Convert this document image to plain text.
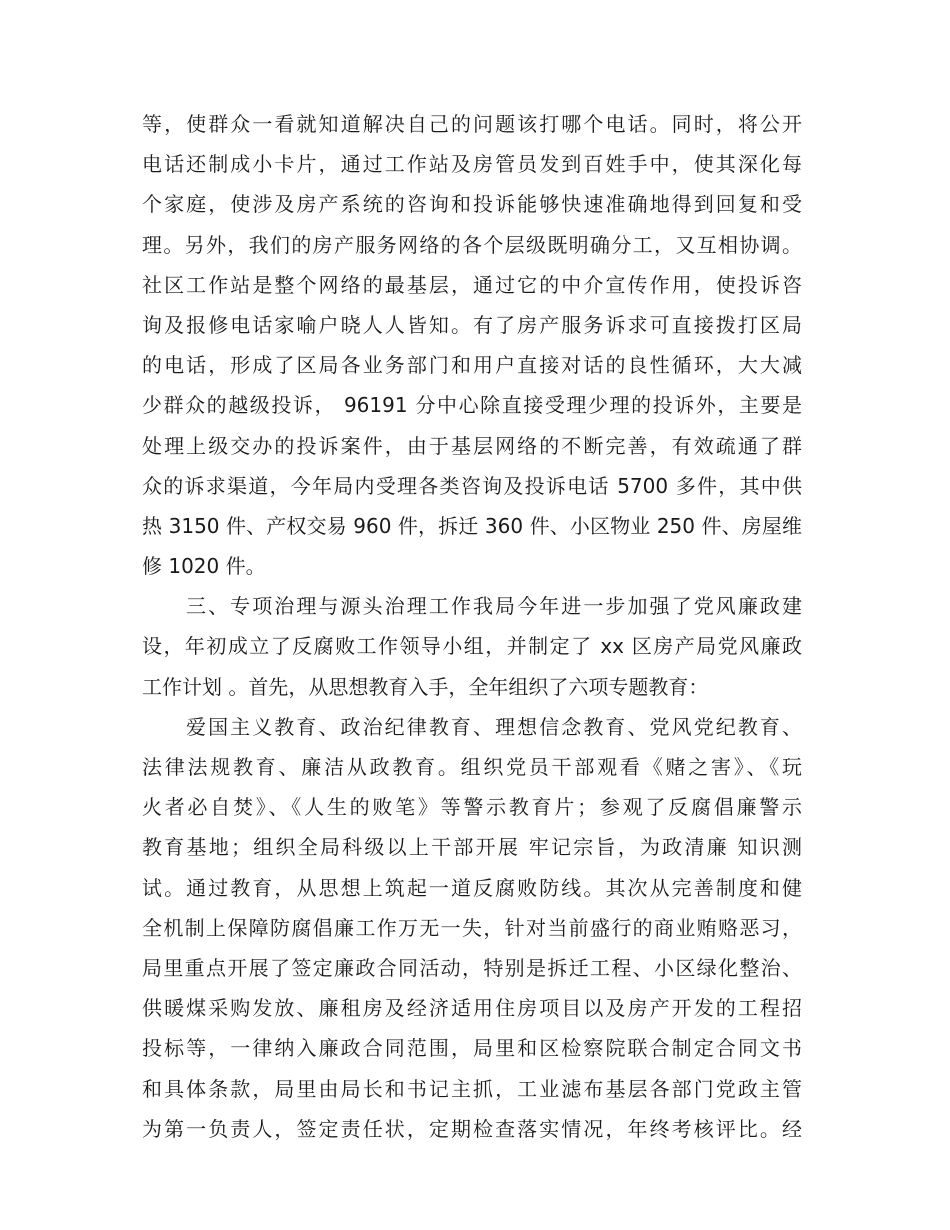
等，使群众一看就知道解决自己的问题该打哪个电话。同时，将公开
电话还制成小卡片，通过工作站及房管员发到百姓手中，使其深化每
个家庭，使涉及房产系统的咨询和投诉能够快速准确地得到回复和受
理。另外，我们的房产服务网络的各个层级既明确分工，又互相协调。
社区工作站是整个网络的最基层，通过它的中介宣传作用，使投诉咨
询及报修电话家喻户晓人人皆知。有了房产服务诉求可直接拨打区局
的电话，形成了区局各业务部门和用户直接对话的良性循环，大大减
少群众的越级投诉， 96191 分中心除直接受理少理的投诉外，主要是
处理上级交办的投诉案件，由于基层网络的不断完善，有效疏通了群
众的诉求渠道，今年局内受理各类咨询及投诉电话 5700 多件，其中供
热 3150 件、产权交易 960 件，拆迁 360 件、小区物业 250 件、房屋维
修 1020 件。
三、专项治理与源头治理工作我局今年进一步加强了党风廉政建
设，年初成立了反腐败工作领导小组，并制定了 xx 区房产局党风廉政
工作计划 。首先，从思想教育入手，全年组织了六项专题教育：
爱国主义教育、政治纪律教育、理想信念教育、党风党纪教育、
法律法规教育、廉洁从政教育。组织党员干部观看《赌之害》、《玩
火者必自焚》、《人生的败笔》等警示教育片；参观了反腐倡廉警示
教育基地；组织全局科级以上干部开展 牢记宗旨，为政清廉 知识测
试。通过教育，从思想上筑起一道反腐败防线。其次从完善制度和健
全机制上保障防腐倡廉工作万无一失，针对当前盛行的商业贿赂恶习，
局里重点开展了签定廉政合同活动，特别是拆迁工程、小区绿化整治、
供暖煤采购发放、廉租房及经济适用住房项目以及房产开发的工程招
投标等，一律纳入廉政合同范围，局里和区检察院联合制定合同文书
和具体条款，局里由局长和书记主抓，工业滤布基层各部门党政主管
为第一负责人，签定责任状，定期检查落实情况，年终考核评比。经
